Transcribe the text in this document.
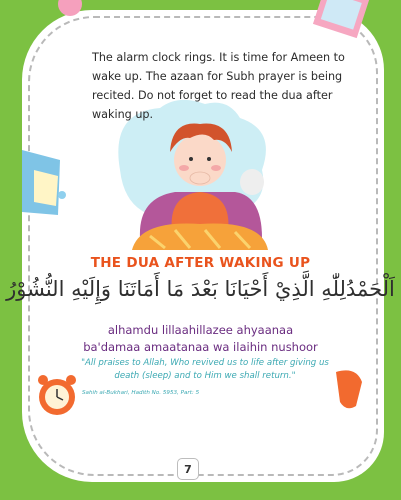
The alarm clock rings. It is time for Ameen to wake up. The azaan for Subh prayer is being recited. Do not forget to read the dua after waking up.

THE DUA AFTER WAKING UP

اَلْحَمْدُلِلّٰهِ الَّذِيْ أَحْيَانَا بَعْدَ مَا أَمَاتَنَا وَإِلَيْهِ النُّشُوْرُ

alhamdu lillaahillazee ahyaanaa
ba'damaa amaatanaa wa ilaihin nushoor

"All praises to Allah, Who revived us to life after giving us death (sleep) and to Him we shall return."

Sahih al-Bukhari, Hadith No. 5953, Part: 5

7
